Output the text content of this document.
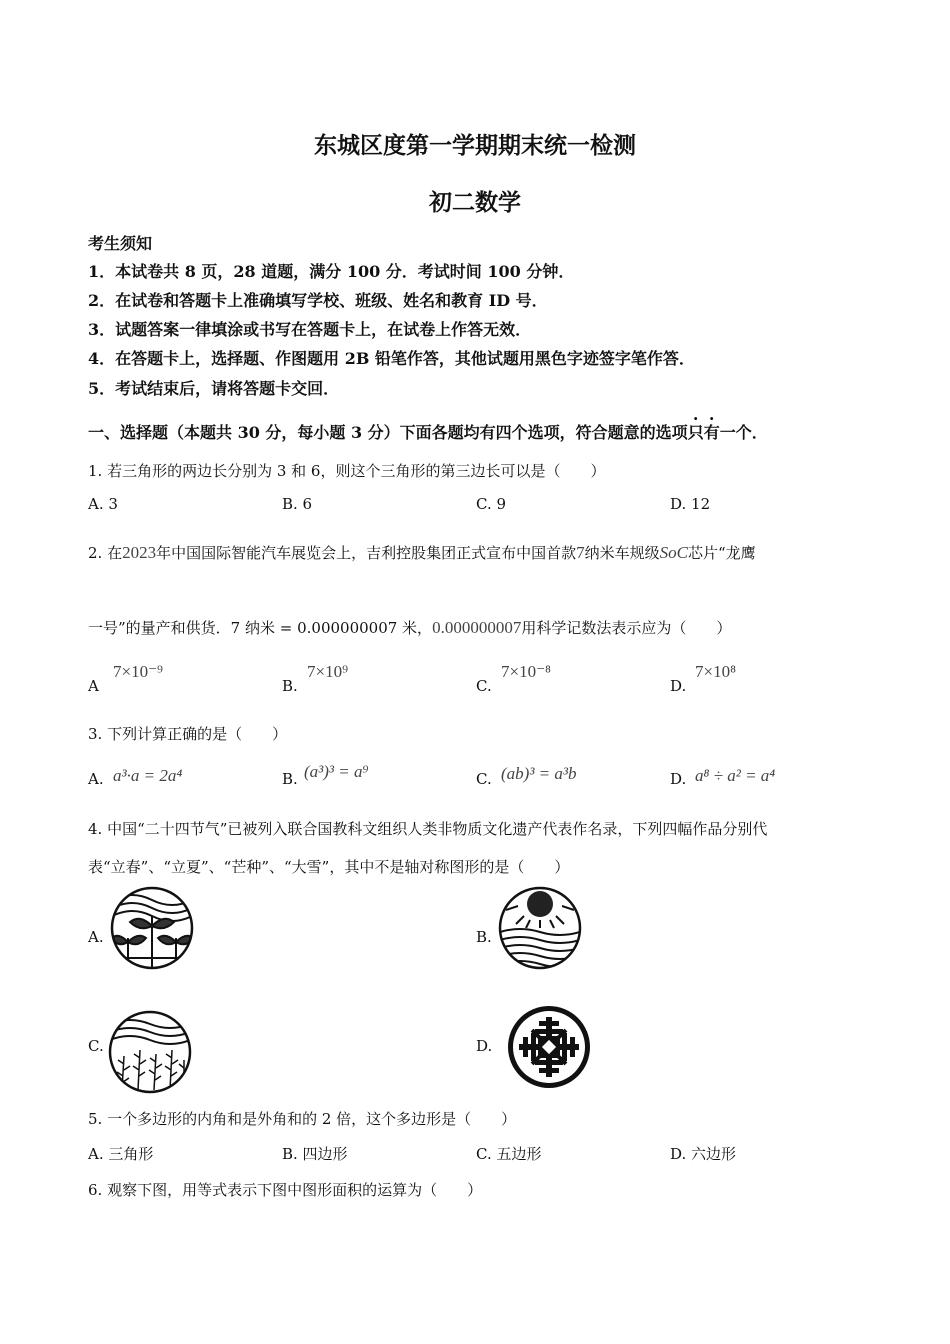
东城区度第一学期期末统一检测
初二数学
考生须知
1．本试卷共 8 页，28 道题，满分 100 分．考试时间 100 分钟．
2．在试卷和答题卡上准确填写学校、班级、姓名和教育 ID 号．
3．试题答案一律填涂或书写在答题卡上，在试卷上作答无效．
4．在答题卡上，选择题、作图题用 2B 铅笔作答，其他试题用黑色字迹签字笔作答．
5．考试结束后，请将答题卡交回．
一、选择题（本题共 30 分，每小题 3 分）下面各题均有四个选项，符合题意的选项只有一个．
1. 若三角形的两边长分别为 3 和 6，则这个三角形的第三边长可以是（　　）
A. 3	B. 6	C. 9	D. 12
2. 在2023年中国国际智能汽车展览会上，吉利控股集团正式宣布中国首款7纳米车规级SoC芯片“龙鹰
一号”的量产和供货．7 纳米 = 0.000000007 米，0.000000007用科学记数法表示应为（　　）
A
7×10⁻⁹
B.
7×10⁹
C.
7×10⁻⁸
D.
7×10⁸
3. 下列计算正确的是（　　）
A. a³·a = 2a⁴	B. (a³)³ = a⁹	C. (ab)³ = a³b	D. a⁸ ÷ a² = a⁴
4. 中国“二十四节气”已被列入联合国教科文组织人类非物质文化遗产代表作名录，下列四幅作品分别代
表“立春”、“立夏”、“芒种”、“大雪”，其中不是轴对称图形的是（　　）
A.	B.
C.	D.
5. 一个多边形的内角和是外角和的 2 倍，这个多边形是（　　）
A. 三角形	B. 四边形	C. 五边形	D. 六边形
6. 观察下图，用等式表示下图中图形面积的运算为（　　）
